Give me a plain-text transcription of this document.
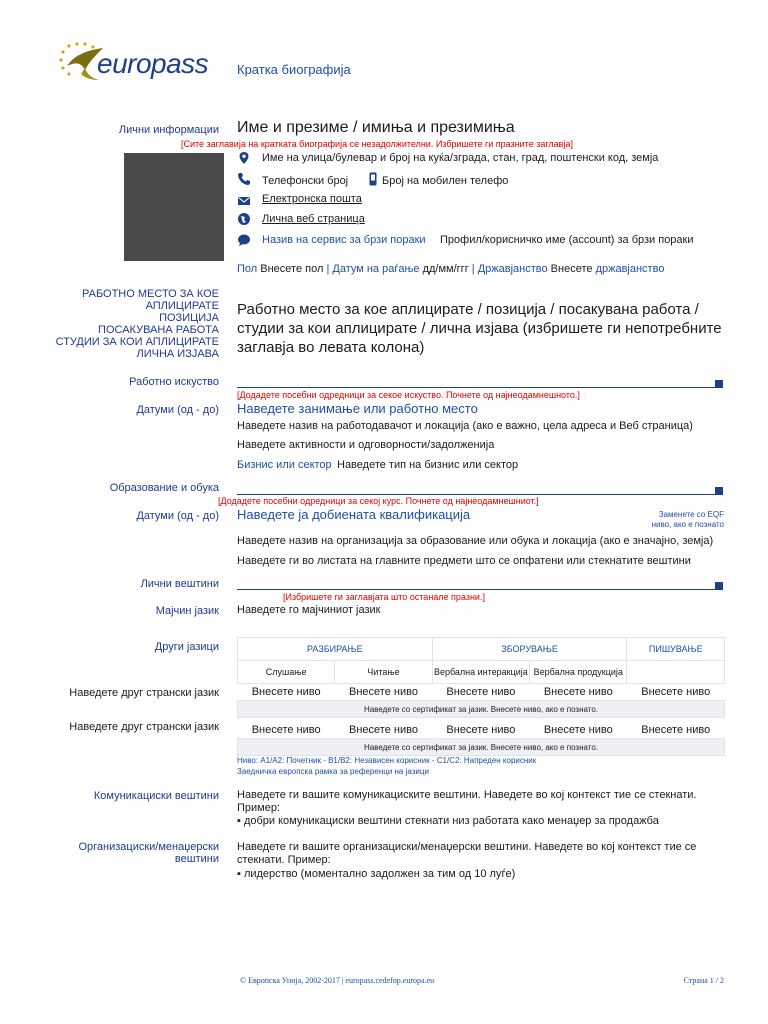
europass Кратка биографија
Лични информации Име и презиме / имиња и презимиња
[Сите заглавија на кратката биографија се незадолжителни. Избришете ги празните заглавја]
Име на улица/булевар и број на куќа/зграда, стан, град, поштенски код, земја
Телефонски број	Број на мобилен телефо
Електронска пошта
Лична веб страница
Назив на сервис за брзи пораки Профил/корисничко име (account) за брзи пораки
Пол Внесете пол | Датум на раѓање дд/мм/ггг | Државјанство Внесете државјанство
РАБОТНО МЕСТО ЗА КОЕ
АПЛИЦИРАТЕ
ПОЗИЦИЈА
ПОСАКУВАНА РАБОТА
СТУДИИ ЗА КОИ АПЛИЦИРАТЕ
ЛИЧНА ИЗЈАВА
Работно место за кое аплицирате / позиција / посакувана работа / студии за кои аплицирате / лична изјава (избришете ги непотребните заглавја во левата колона)
Работно искуство
[Додадете посебни одредници за секое искуство. Почнете од најнеодамнешното.]
Датуми (од - до) Наведете занимање или работно место
Наведете назив на работодавачот и локација (ако е важно, цела адреса и Веб страница)
Наведете активности и одговорности/задолженија
Бизнис или сектор Наведете тип на бизнис или сектор
Образование и обука
[Додадете посебни одредници за секој курс. Почнете од најнеодамнешниот.]
Датуми (од - до) Наведете ја добиената квалификација	Заменете со EQF
ниво, ако е познато
Наведете назив на организација за образование или обука и локација (ако е значајно, земја)
Наведете ги во листата на главните предмети што се опфатени или стекнатите вештини
Лични вештини
[Избришете ги заглавјата што останале празни.]
Мајчин јазик Наведете го мајчиниот јазик
Други јазици	РАЗБИРАЊЕ		ЗБОРУВАЊЕ		ПИШУВАЊЕ
Слушање	Читање	Вербална интеракција	Вербална продукција	
Внесете ниво	Внесете ниво	Внесете ниво	Внесете ниво	Внесете ниво
Наведете со сертификат за јазик. Внесете ниво, ако е познато.				
Внесете ниво	Внесете ниво	Внесете ниво	Внесете ниво	Внесете ниво
Наведете со сертификат за јазик. Внесете ниво, ако е познато.				
Наведете друг странски јазик
Наведете друг странски јазик
Ниво: А1/А2: Почетник - B1/B2: Независен корисник - C1/C2: Напреден корисник
Заедничка европска рамка за референци на јазици
Комуникациски вештини Наведете ги вашите комуникациските вештини. Наведете во кој контекст тие се стекнати. Пример:
▪ добри комуникациски вештини стекнати низ работата како менаџер за продажба
Организациски/менаџерски
вештини
Наведете ги вашите организациски/менаџерски вештини. Наведете во кој контекст тие се стекнати. Пример:
▪ лидерство (моментално задолжен за тим од 10 луѓе)
© Европска Унија, 2002-2017 | europass.cedefop.europa.eu	Страна 1 / 2
